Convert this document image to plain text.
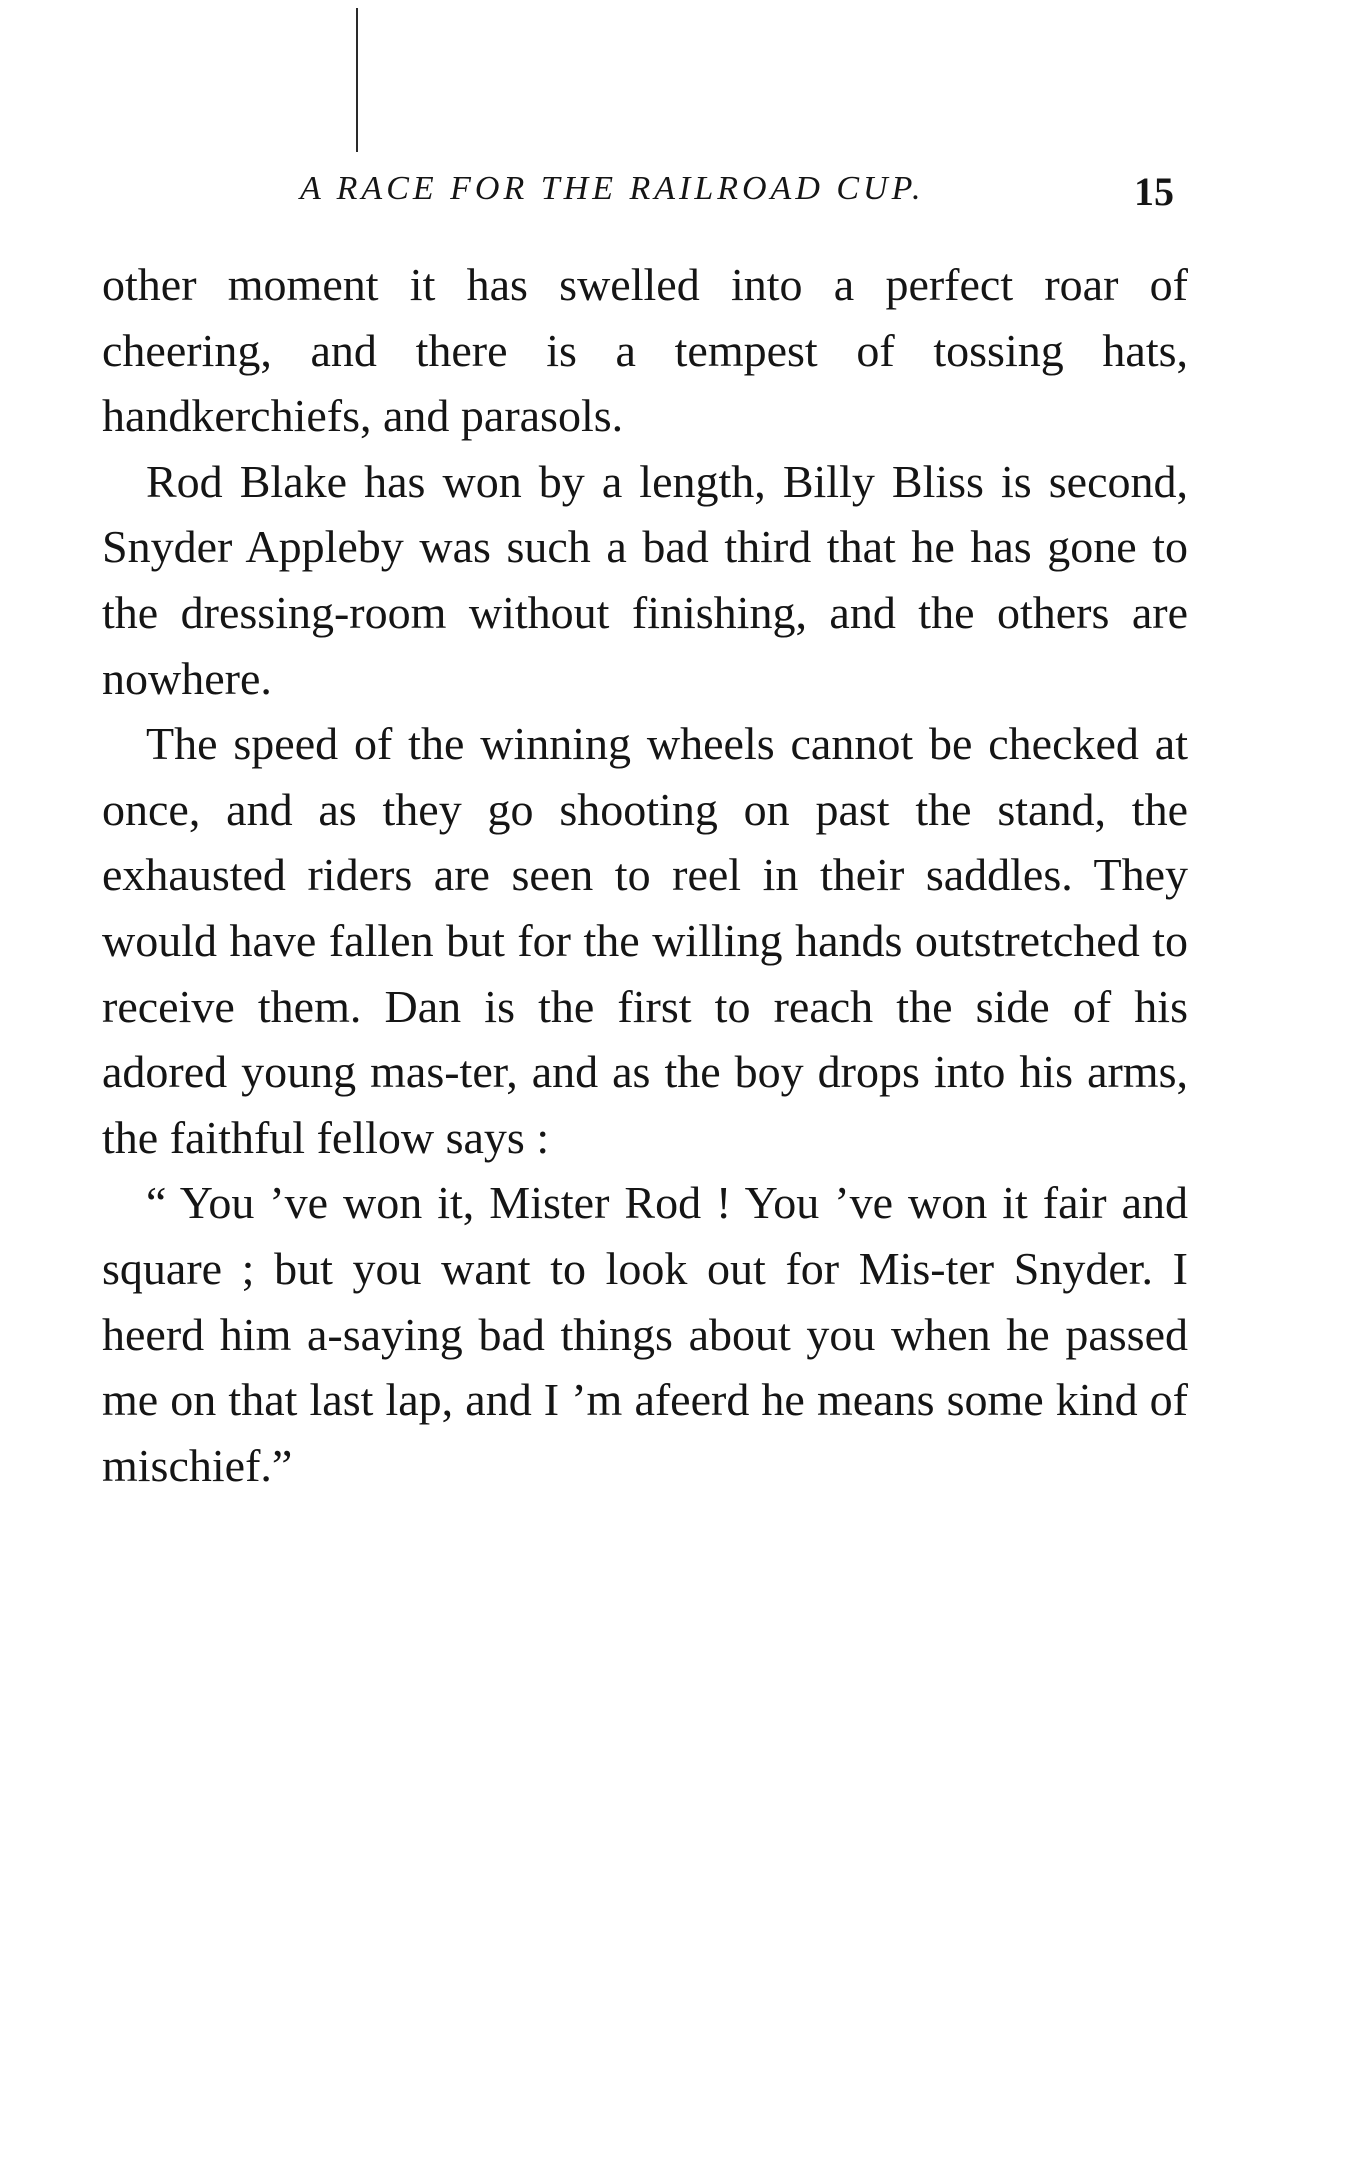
A RACE FOR THE RAILROAD CUP.	15

other moment it has swelled into a perfect roar of cheering, and there is a tempest of tossing hats, handkerchiefs, and parasols.

Rod Blake has won by a length, Billy Bliss is second, Snyder Appleby was such a bad third that he has gone to the dressing-room without finishing, and the others are nowhere.

The speed of the winning wheels cannot be checked at once, and as they go shooting on past the stand, the exhausted riders are seen to reel in their saddles. They would have fallen but for the willing hands outstretched to receive them. Dan is the first to reach the side of his adored young mas-ter, and as the boy drops into his arms, the faithful fellow says :

“ You ’ve won it, Mister Rod ! You ’ve won it fair and square ; but you want to look out for Mis-ter Snyder. I heerd him a-saying bad things about you when he passed me on that last lap, and I ’m afeerd he means some kind of mischief.”
